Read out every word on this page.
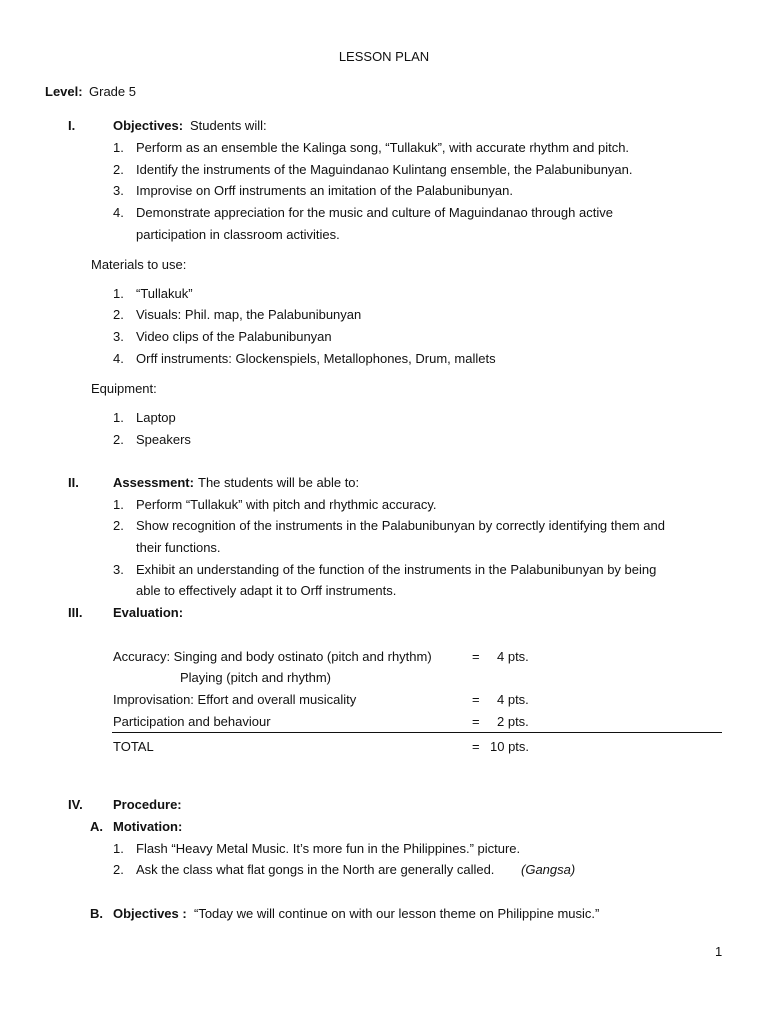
LESSON PLAN
Level: Grade 5
I.	Objectives: Students will:
1. Perform as an ensemble the Kalinga song, “Tullakuk”, with accurate rhythm and pitch.
2. Identify the instruments of the Maguindanao Kulintang ensemble, the Palabunibunyan.
3. Improvise on Orff instruments an imitation of the Palabunibunyan.
4. Demonstrate appreciation for the music and culture of Maguindanao through active
participation in classroom activities.
Materials to use:
1. “Tullakuk”
2. Visuals: Phil. map, the Palabunibunyan
3. Video clips of the Palabunibunyan
4. Orff instruments: Glockenspiels, Metallophones, Drum, mallets
Equipment:
1. Laptop
2. Speakers
II.	Assessment: The students will be able to:
1. Perform “Tullakuk” with pitch and rhythmic accuracy.
2. Show recognition of the instruments in the Palabunibunyan by correctly identifying them and
their functions.
3. Exhibit an understanding of the function of the instruments in the Palabunibunyan by being
able to effectively adapt it to Orff instruments.
III. Evaluation:
Accuracy: Singing and body ostinato (pitch and rhythm)	= 4 pts.
Playing (pitch and rhythm)
Improvisation: Effort and overall musicality	= 4 pts.
Participation and behaviour	= 2 pts.
TOTAL	= 10 pts.
IV. Procedure:
A. Motivation:
1. Flash “Heavy Metal Music. It’s more fun in the Philippines.” picture.
2. Ask the class what flat gongs in the North are generally called. (Gangsa)
B. Objectives : “Today we will continue on with our lesson theme on Philippine music.”
1
